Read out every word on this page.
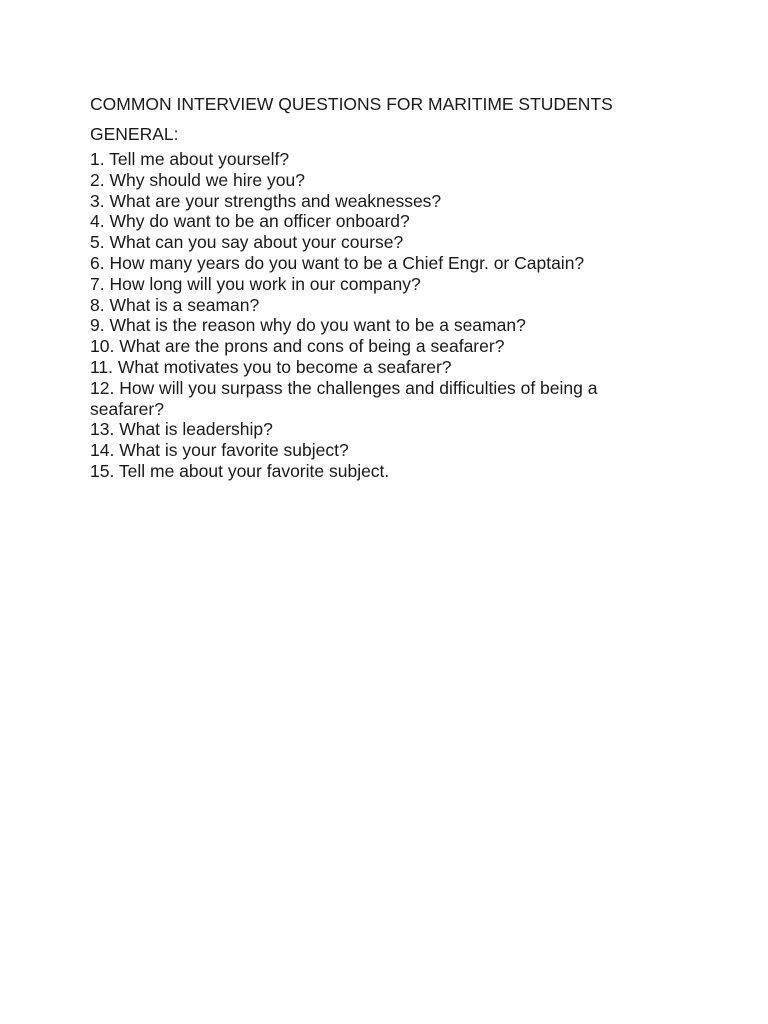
COMMON INTERVIEW QUESTIONS FOR MARITIME STUDENTS
GENERAL:
1. Tell me about yourself?
2. Why should we hire you?
3. What are your strengths and weaknesses?
4. Why do want to be an officer onboard?
5. What can you say about your course?
6. How many years do you want to be a Chief Engr. or Captain?
7. How long will you work in our company?
8. What is a seaman?
9. What is the reason why do you want to be a seaman?
10. What are the prons and cons of being a seafarer?
11. What motivates you to become a seafarer?
12. How will you surpass the challenges and difficulties of being a seafarer?
13. What is leadership?
14. What is your favorite subject?
15. Tell me about your favorite subject.
